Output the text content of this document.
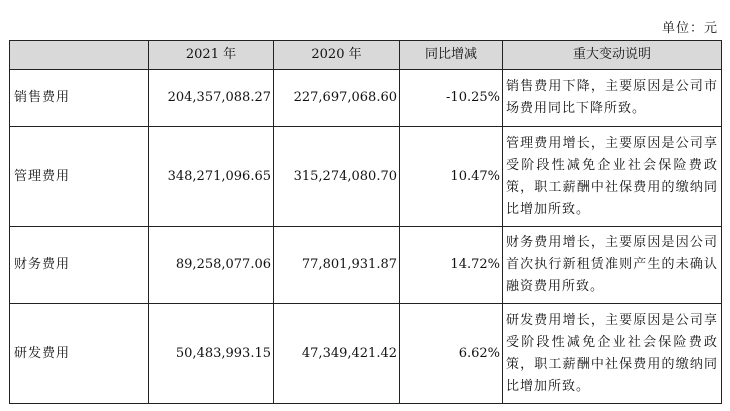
单位：元
	2021 年	2020 年	同比增减	重大变动说明
销售费用	204,357,088.27	227,697,068.60	-10.25%	销售费用下降，主要原因是公司市场费用同比下降所致。
管理费用	348,271,096.65	315,274,080.70	10.47%	管理费用增长，主要原因是公司享受阶段性减免企业社会保险费政策，职工薪酬中社保费用的缴纳同比增加所致。
财务费用	89,258,077.06	77,801,931.87	14.72%	财务费用增长，主要原因是因公司首次执行新租赁准则产生的未确认融资费用所致。
研发费用	50,483,993.15	47,349,421.42	6.62%	研发费用增长，主要原因是公司享受阶段性减免企业社会保险费政策，职工薪酬中社保费用的缴纳同比增加所致。
